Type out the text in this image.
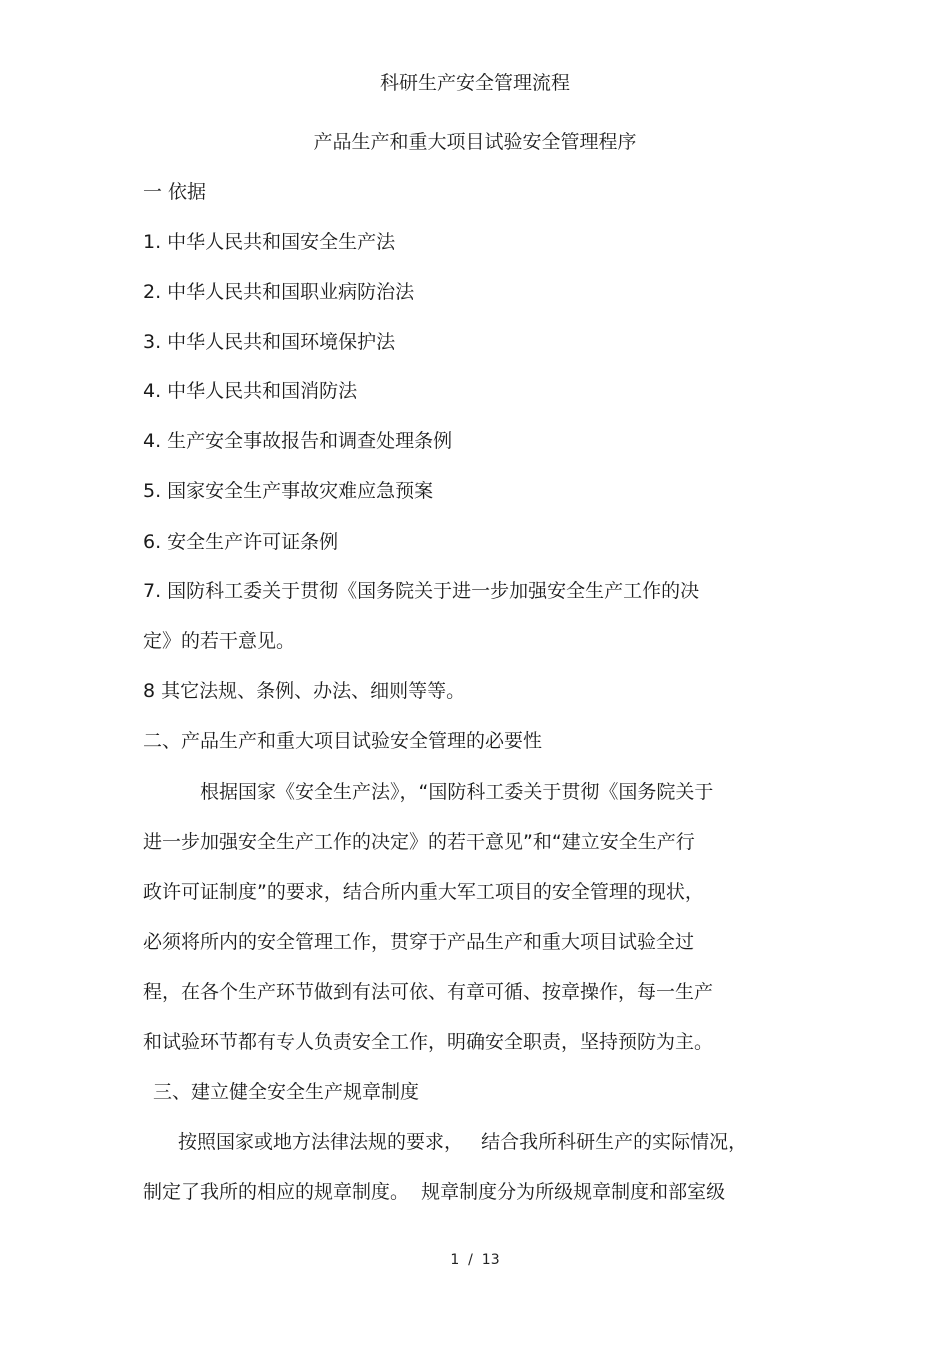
科研生产安全管理流程
产品生产和重大项目试验安全管理程序
一 依据
1. 中华人民共和国安全生产法
2. 中华人民共和国职业病防治法
3. 中华人民共和国环境保护法
4. 中华人民共和国消防法
4. 生产安全事故报告和调查处理条例
5. 国家安全生产事故灾难应急预案
6. 安全生产许可证条例
7. 国防科工委关于贯彻《国务院关于进一步加强安全生产工作的决
定》的若干意见。
8 其它法规、条例、办法、细则等等。
二、产品生产和重大项目试验安全管理的必要性
根据国家《安全生产法》，“国防科工委关于贯彻《国务院关于
进一步加强安全生产工作的决定》的若干意见”和“建立安全生产行
政许可证制度”的要求，结合所内重大军工项目的安全管理的现状，
必须将所内的安全管理工作，贯穿于产品生产和重大项目试验全过
程，在各个生产环节做到有法可依、有章可循、按章操作，每一生产
和试验环节都有专人负责安全工作，明确安全职责，坚持预防为主。
三、建立健全安全生产规章制度
按照国家或地方法律法规的要求，   结合我所科研生产的实际情况，
制定了我所的相应的规章制度。  规章制度分为所级规章制度和部室级
1  /  13
